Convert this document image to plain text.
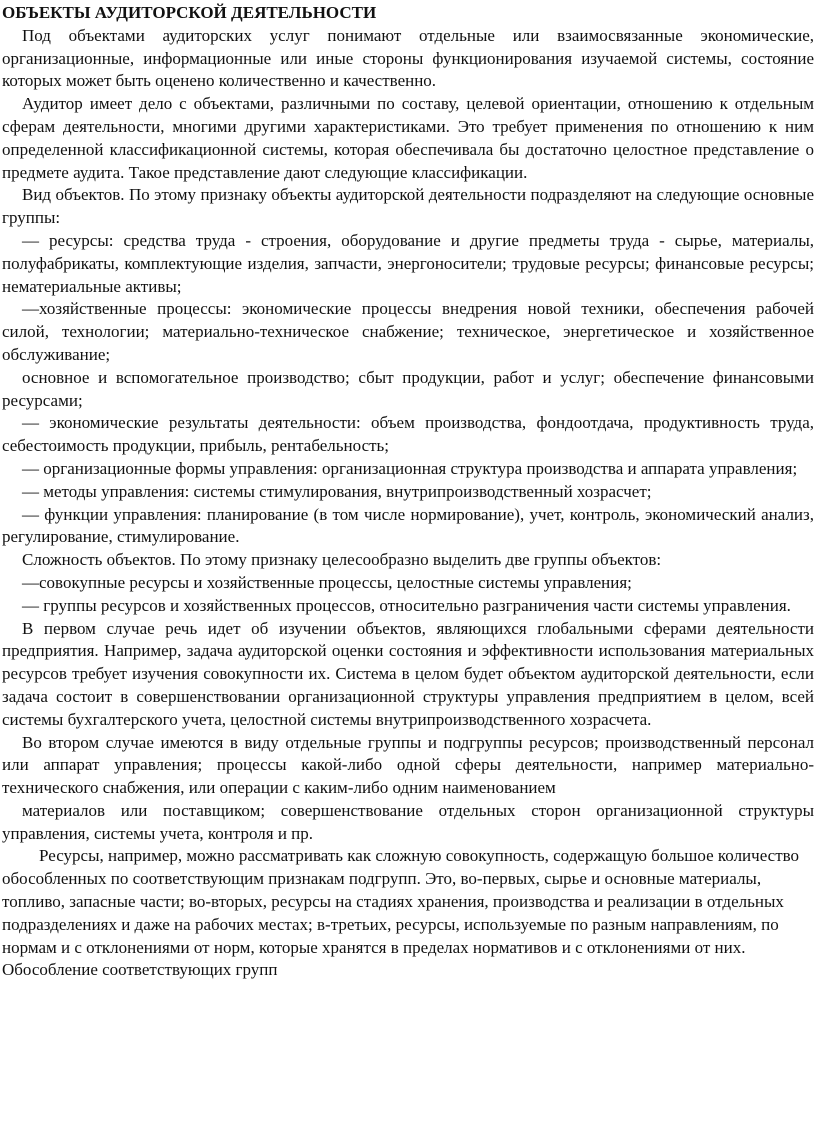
ОБЪЕКТЫ АУДИТОРСКОЙ ДЕЯТЕЛЬНОСТИ

Под объектами аудиторских услуг понимают отдельные или взаимосвязанные экономические, организационные, информационные или иные стороны функционирования изучаемой системы, состояние которых может быть оценено количественно и качественно.

Аудитор имеет дело с объектами, различными по составу, целевой ориентации, отношению к отдельным сферам деятельности, многими другими характеристиками. Это требует применения по отношению к ним определенной классификационной системы, которая обеспечивала бы достаточно целостное представление о предмете аудита. Такое представление дают следующие классификации.

Вид объектов. По этому признаку объекты аудиторской деятельности подразделяют на следующие основные группы:

— ресурсы: средства труда - строения, оборудование и другие предметы труда - сырье, материалы, полуфабрикаты, комплектующие изделия, запчасти, энергоносители; трудовые ресурсы; финансовые ресурсы; нематериальные активы;

—хозяйственные процессы: экономические процессы внедрения новой техники, обеспечения рабочей силой, технологии; материально-техническое снабжение; техническое, энергетическое и хозяйственное обслуживание;

основное и вспомогательное производство; сбыт продукции, работ и услуг; обеспечение финансовыми ресурсами;

— экономические результаты деятельности: объем производства, фондоотдача, продуктивность труда, себестоимость продукции, прибыль, рентабельность;

— организационные формы управления: организационная структура производства и аппарата управления;

— методы управления: системы стимулирования, внутрипроизводственный хозрасчет;

— функции управления: планирование (в том числе нормирование), учет, контроль, экономический анализ, регулирование, стимулирование.

Сложность объектов. По этому признаку целесообразно выделить две группы объектов:

—совокупные ресурсы и хозяйственные процессы, целостные системы управления;

— группы ресурсов и хозяйственных процессов, относительно разграничения части системы управления.

В первом случае речь идет об изучении объектов, являющихся глобальными сферами деятельности предприятия. Например, задача аудиторской оценки состояния и эффективности использования материальных ресурсов требует изучения совокупности их. Система в целом будет объектом аудиторской деятельности, если задача состоит в совершенствовании организационной структуры управления предприятием в целом, всей системы бухгалтерского учета, целостной системы внутрипроизводственного хозрасчета.

Во втором случае имеются в виду отдельные группы и подгруппы ресурсов; производственный персонал или аппарат управления; процессы какой-либо одной сферы деятельности, например материально-технического снабжения, или операции с каким-либо одним наименованием

материалов или поставщиком; совершенствование отдельных сторон организационной структуры управления, системы учета, контроля и пр.

Ресурсы, например, можно рассматривать как сложную совокупность, содержащую большое количество обособленных по соответствующим признакам подгрупп. Это, во-первых, сырье и основные материалы, топливо, запасные части; во-вторых, ресурсы на стадиях хранения, производства и реализации в отдельных подразделениях и даже на рабочих местах; в-третьих, ресурсы, используемые по разным направлениям, по нормам и с отклонениями от норм, которые хранятся в пределах нормативов и с отклонениями от них. Обособление соответствующих групп
